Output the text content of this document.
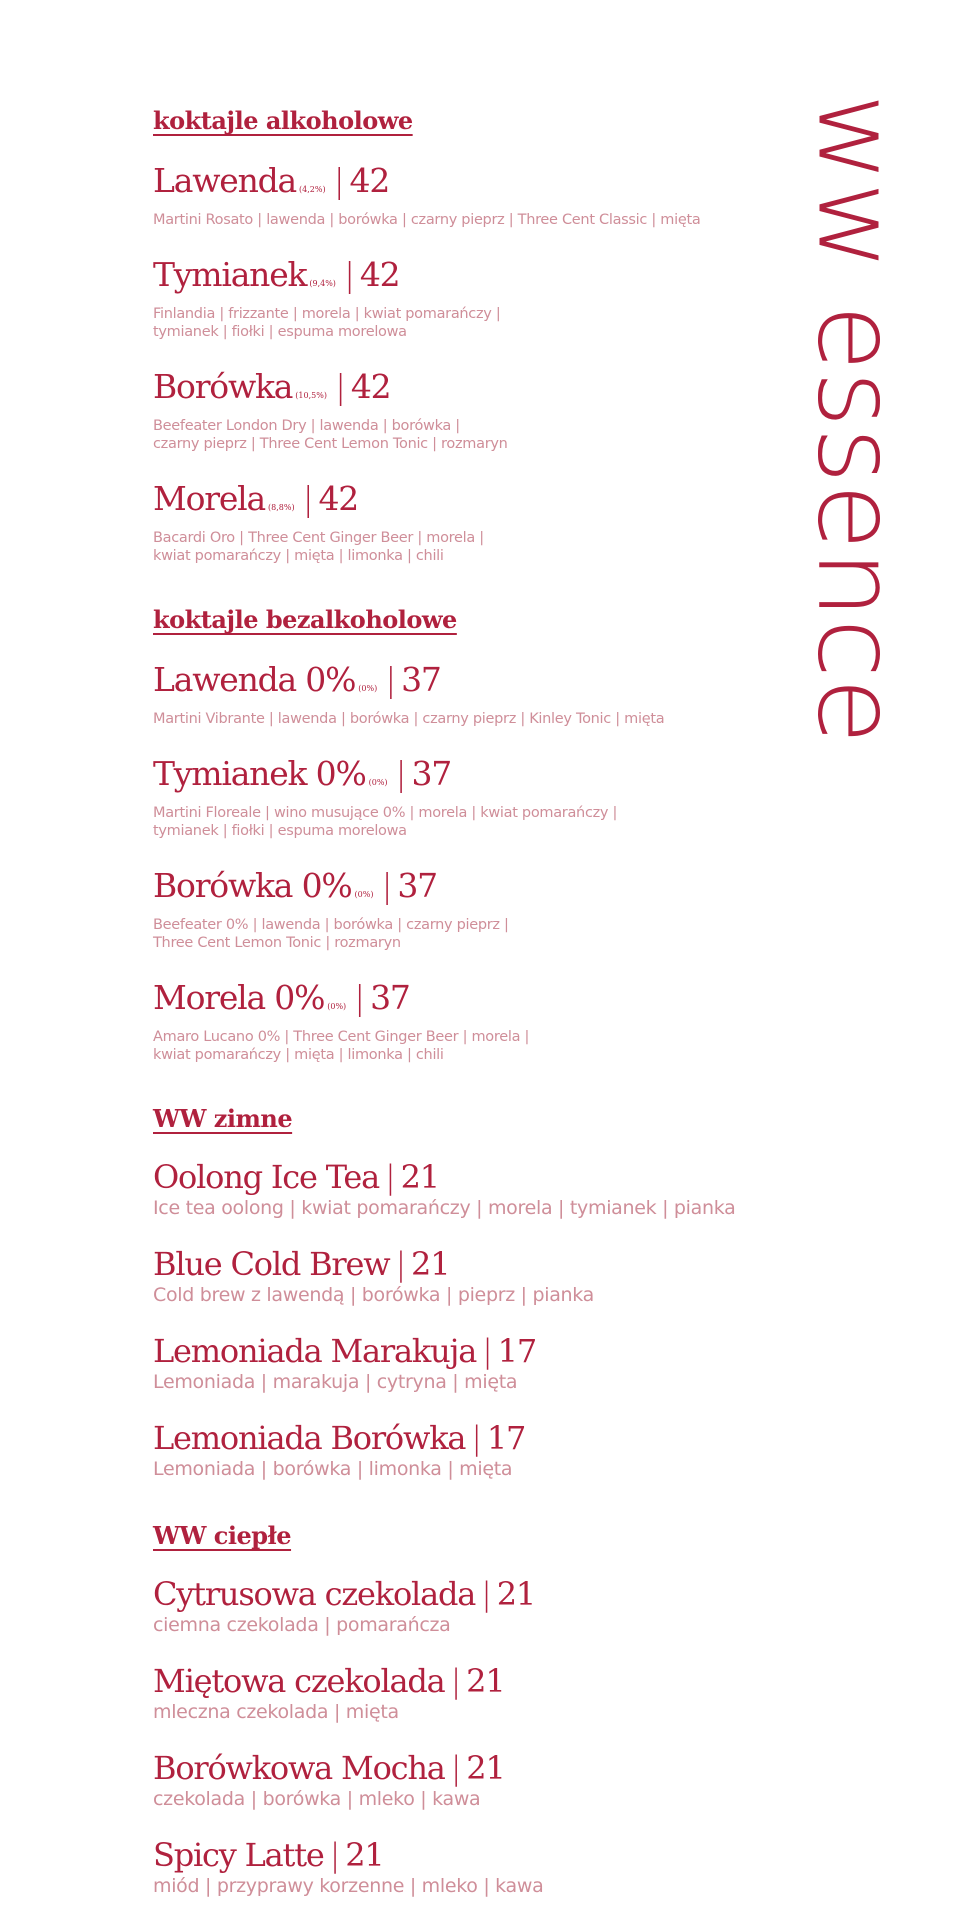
koktajle alkoholowe
Lawenda (4,2%) | 42
Martini Rosato | lawenda | borówka | czarny pieprz | Three Cent Classic | mięta
Tymianek (9,4%) | 42
Finlandia | frizzante | morela | kwiat pomarańczy |
tymianek | fiołki | espuma morelowa
Borówka (10,5%) | 42
Beefeater London Dry | lawenda | borówka |
czarny pieprz | Three Cent Lemon Tonic | rozmaryn
Morela (8,8%) | 42
Bacardi Oro | Three Cent Ginger Beer | morela |
kwiat pomarańczy | mięta | limonka | chili
koktajle bezalkoholowe
Lawenda 0% (0%) | 37
Martini Vibrante | lawenda | borówka | czarny pieprz | Kinley Tonic | mięta
Tymianek 0% (0%) | 37
Martini Floreale | wino musujące 0% | morela | kwiat pomarańczy |
tymianek | fiołki | espuma morelowa
Borówka 0% (0%) | 37
Beefeater 0% | lawenda | borówka | czarny pieprz |
Three Cent Lemon Tonic | rozmaryn
Morela 0% (0%) | 37
Amaro Lucano 0% | Three Cent Ginger Beer | morela |
kwiat pomarańczy | mięta | limonka | chili
WW zimne
Oolong Ice Tea | 21
Ice tea oolong | kwiat pomarańczy | morela | tymianek | pianka
Blue Cold Brew | 21
Cold brew z lawendą | borówka | pieprz | pianka
Lemoniada Marakuja | 17
Lemoniada | marakuja | cytryna | mięta
Lemoniada Borówka | 17
Lemoniada | borówka | limonka | mięta
WW ciepłe
Cytrusowa czekolada | 21
ciemna czekolada | pomarańcza
Miętowa czekolada | 21
mleczna czekolada | mięta
Borówkowa Mocha | 21
czekolada | borówka | mleko | kawa
Spicy Latte | 21
miód | przyprawy korzenne | mleko | kawa
ww essence
